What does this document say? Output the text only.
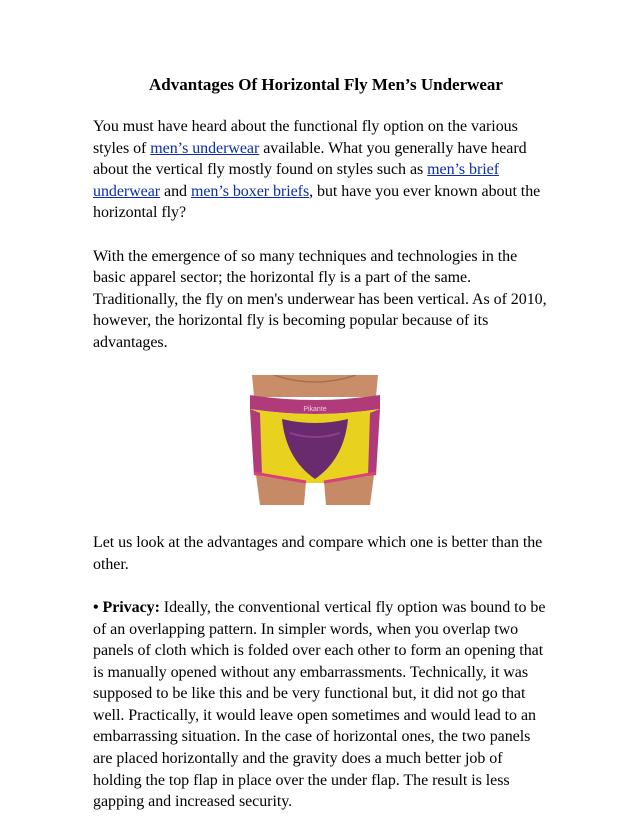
Advantages Of Horizontal Fly Men’s Underwear

You must have heard about the functional fly option on the various styles of men’s underwear available. What you generally have heard about the vertical fly mostly found on styles such as men’s brief underwear and men’s boxer briefs, but have you ever known about the horizontal fly?

With the emergence of so many techniques and technologies in the basic apparel sector; the horizontal fly is a part of the same. Traditionally, the fly on men's underwear has been vertical. As of 2010, however, the horizontal fly is becoming popular because of its advantages.

Pikante

Let us look at the advantages and compare which one is better than the other.

• Privacy: Ideally, the conventional vertical fly option was bound to be of an overlapping pattern. In simpler words, when you overlap two panels of cloth which is folded over each other to form an opening that is manually opened without any embarrassments. Technically, it was supposed to be like this and be very functional but, it did not go that well. Practically, it would leave open sometimes and would lead to an embarrassing situation. In the case of horizontal ones, the two panels are placed horizontally and the gravity does a much better job of holding the top flap in place over the under flap. The result is less gapping and increased security.
